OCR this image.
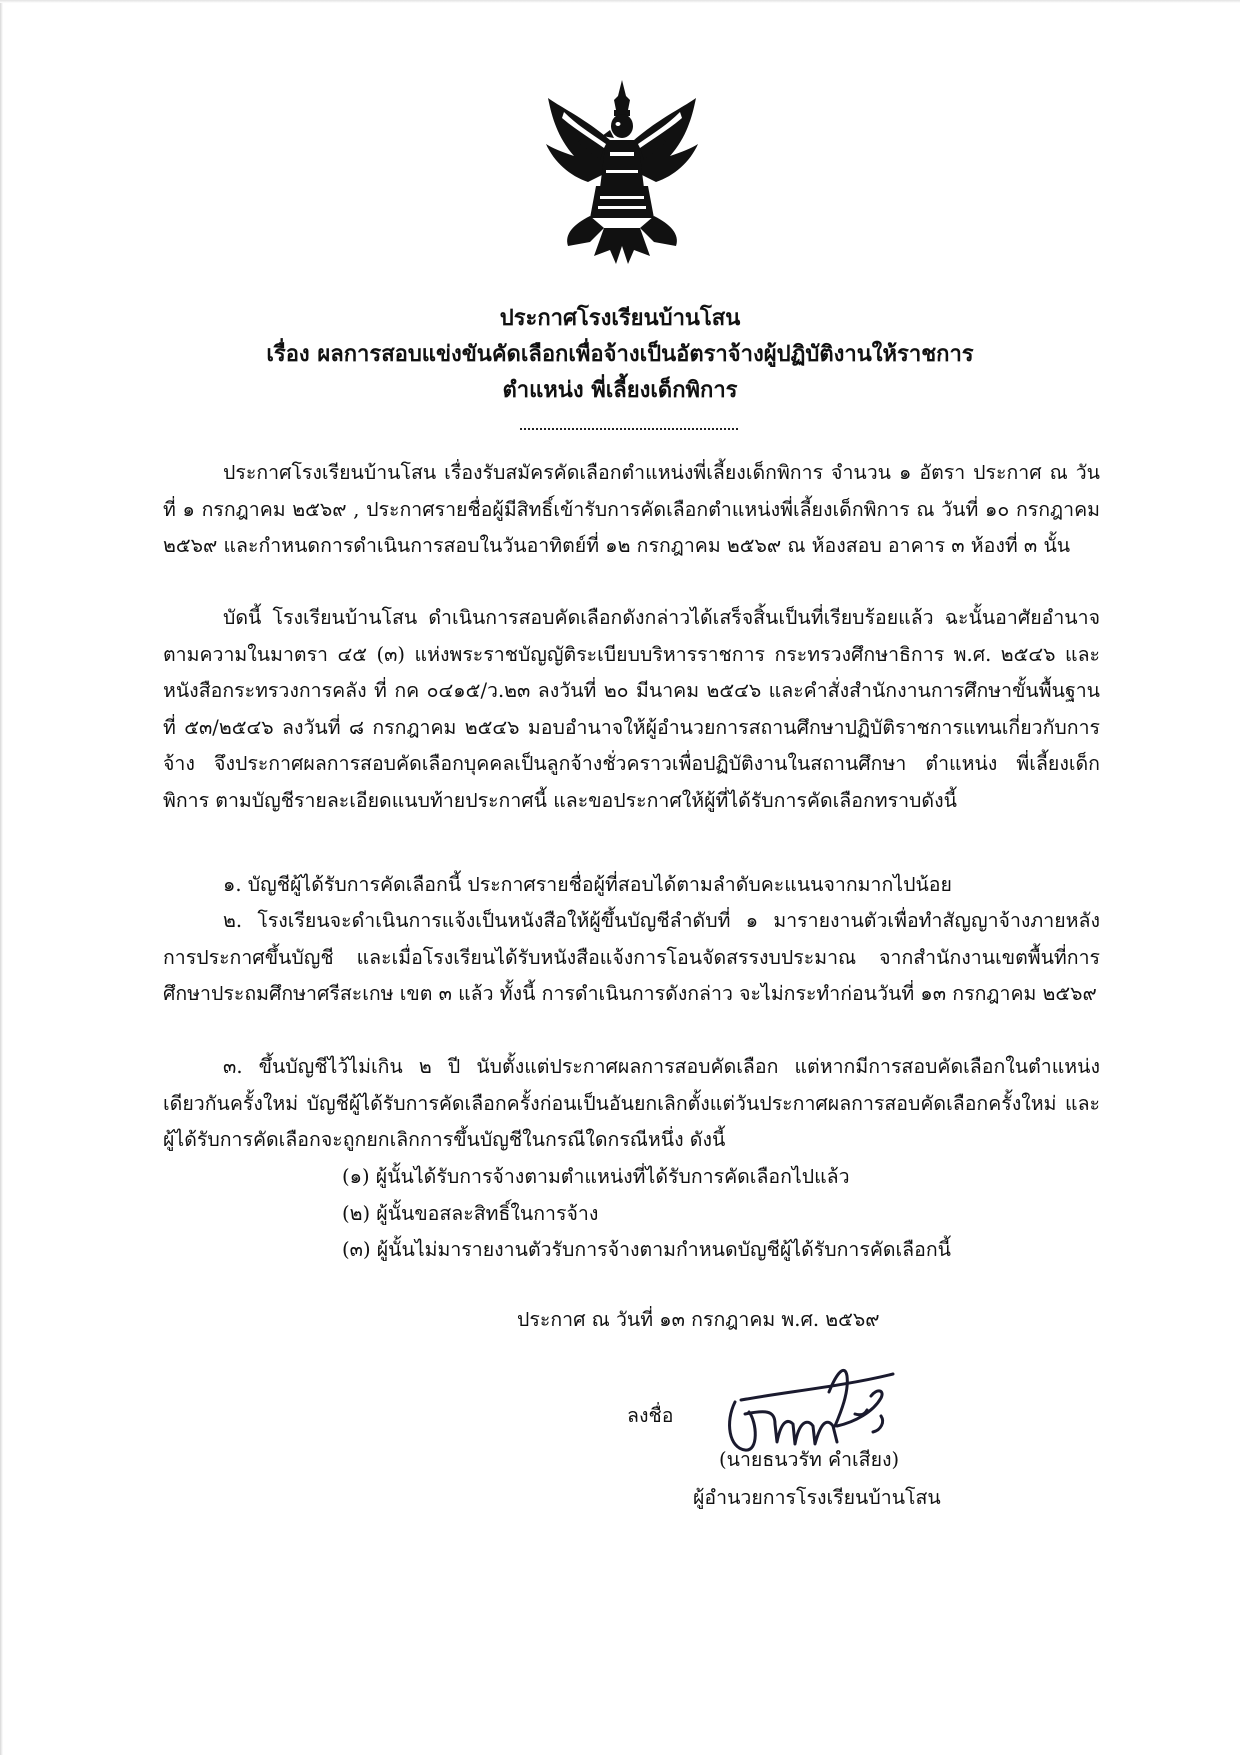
ประกาศโรงเรียนบ้านโสน
เรื่อง ผลการสอบแข่งขันคัดเลือกเพื่อจ้างเป็นอัตราจ้างผู้ปฏิบัติงานให้ราชการ
ตำแหน่ง พี่เลี้ยงเด็กพิการ
ประกาศโรงเรียนบ้านโสน เรื่องรับสมัครคัดเลือกตำแหน่งพี่เลี้ยงเด็กพิการ จำนวน ๑ อัตรา ประกาศ ณ วันที่ ๑ กรกฎาคม ๒๕๖๙ , ประกาศรายชื่อผู้มีสิทธิ์เข้ารับการคัดเลือกตำแหน่งพี่เลี้ยงเด็กพิการ ณ วันที่ ๑๐ กรกฎาคม ๒๕๖๙ และกำหนดการดำเนินการสอบในวันอาทิตย์ที่ ๑๒ กรกฎาคม ๒๕๖๙ ณ ห้องสอบ อาคาร ๓ ห้องที่ ๓ นั้น
บัดนี้ โรงเรียนบ้านโสน ดำเนินการสอบคัดเลือกดังกล่าวได้เสร็จสิ้นเป็นที่เรียบร้อยแล้ว ฉะนั้นอาศัยอำนาจตามความในมาตรา ๔๕ (๓) แห่งพระราชบัญญัติระเบียบบริหารราชการ กระทรวงศึกษาธิการ พ.ศ. ๒๕๔๖ และหนังสือกระทรวงการคลัง ที่ กค ๐๔๑๕/ว.๒๓ ลงวันที่ ๒๐ มีนาคม ๒๕๔๖ และคำสั่งสำนักงานการศึกษาขั้นพื้นฐาน ที่ ๕๓/๒๕๔๖ ลงวันที่ ๘ กรกฎาคม ๒๕๔๖ มอบอำนาจให้ผู้อำนวยการสถานศึกษาปฏิบัติราชการแทนเกี่ยวกับการจ้าง จึงประกาศผลการสอบคัดเลือกบุคคลเป็นลูกจ้างชั่วคราวเพื่อปฏิบัติงานในสถานศึกษา ตำแหน่ง พี่เลี้ยงเด็กพิการ ตามบัญชีรายละเอียดแนบท้ายประกาศนี้ และขอประกาศให้ผู้ที่ได้รับการคัดเลือกทราบดังนี้
๑. บัญชีผู้ได้รับการคัดเลือกนี้ ประกาศรายชื่อผู้ที่สอบได้ตามลำดับคะแนนจากมากไปน้อย
๒. โรงเรียนจะดำเนินการแจ้งเป็นหนังสือให้ผู้ขึ้นบัญชีลำดับที่ ๑ มารายงานตัวเพื่อทำสัญญาจ้างภายหลังการประกาศขึ้นบัญชี และเมื่อโรงเรียนได้รับหนังสือแจ้งการโอนจัดสรรงบประมาณ จากสำนักงานเขตพื้นที่การศึกษาประถมศึกษาศรีสะเกษ เขต ๓ แล้ว ทั้งนี้ การดำเนินการดังกล่าว จะไม่กระทำก่อนวันที่ ๑๓ กรกฎาคม ๒๕๖๙
๓. ขึ้นบัญชีไว้ไม่เกิน ๒ ปี นับตั้งแต่ประกาศผลการสอบคัดเลือก แต่หากมีการสอบคัดเลือกในตำแหน่งเดียวกันครั้งใหม่ บัญชีผู้ได้รับการคัดเลือกครั้งก่อนเป็นอันยกเลิกตั้งแต่วันประกาศผลการสอบคัดเลือกครั้งใหม่ และผู้ได้รับการคัดเลือกจะถูกยกเลิกการขึ้นบัญชีในกรณีใดกรณีหนึ่ง ดังนี้
(๑) ผู้นั้นได้รับการจ้างตามตำแหน่งที่ได้รับการคัดเลือกไปแล้ว
(๒) ผู้นั้นขอสละสิทธิ์ในการจ้าง
(๓) ผู้นั้นไม่มารายงานตัวรับการจ้างตามกำหนดบัญชีผู้ได้รับการคัดเลือกนี้
ประกาศ ณ วันที่ ๑๓ กรกฎาคม พ.ศ. ๒๕๖๙
ลงชื่อ
(นายธนวรัท คำเสียง)
ผู้อำนวยการโรงเรียนบ้านโสน
